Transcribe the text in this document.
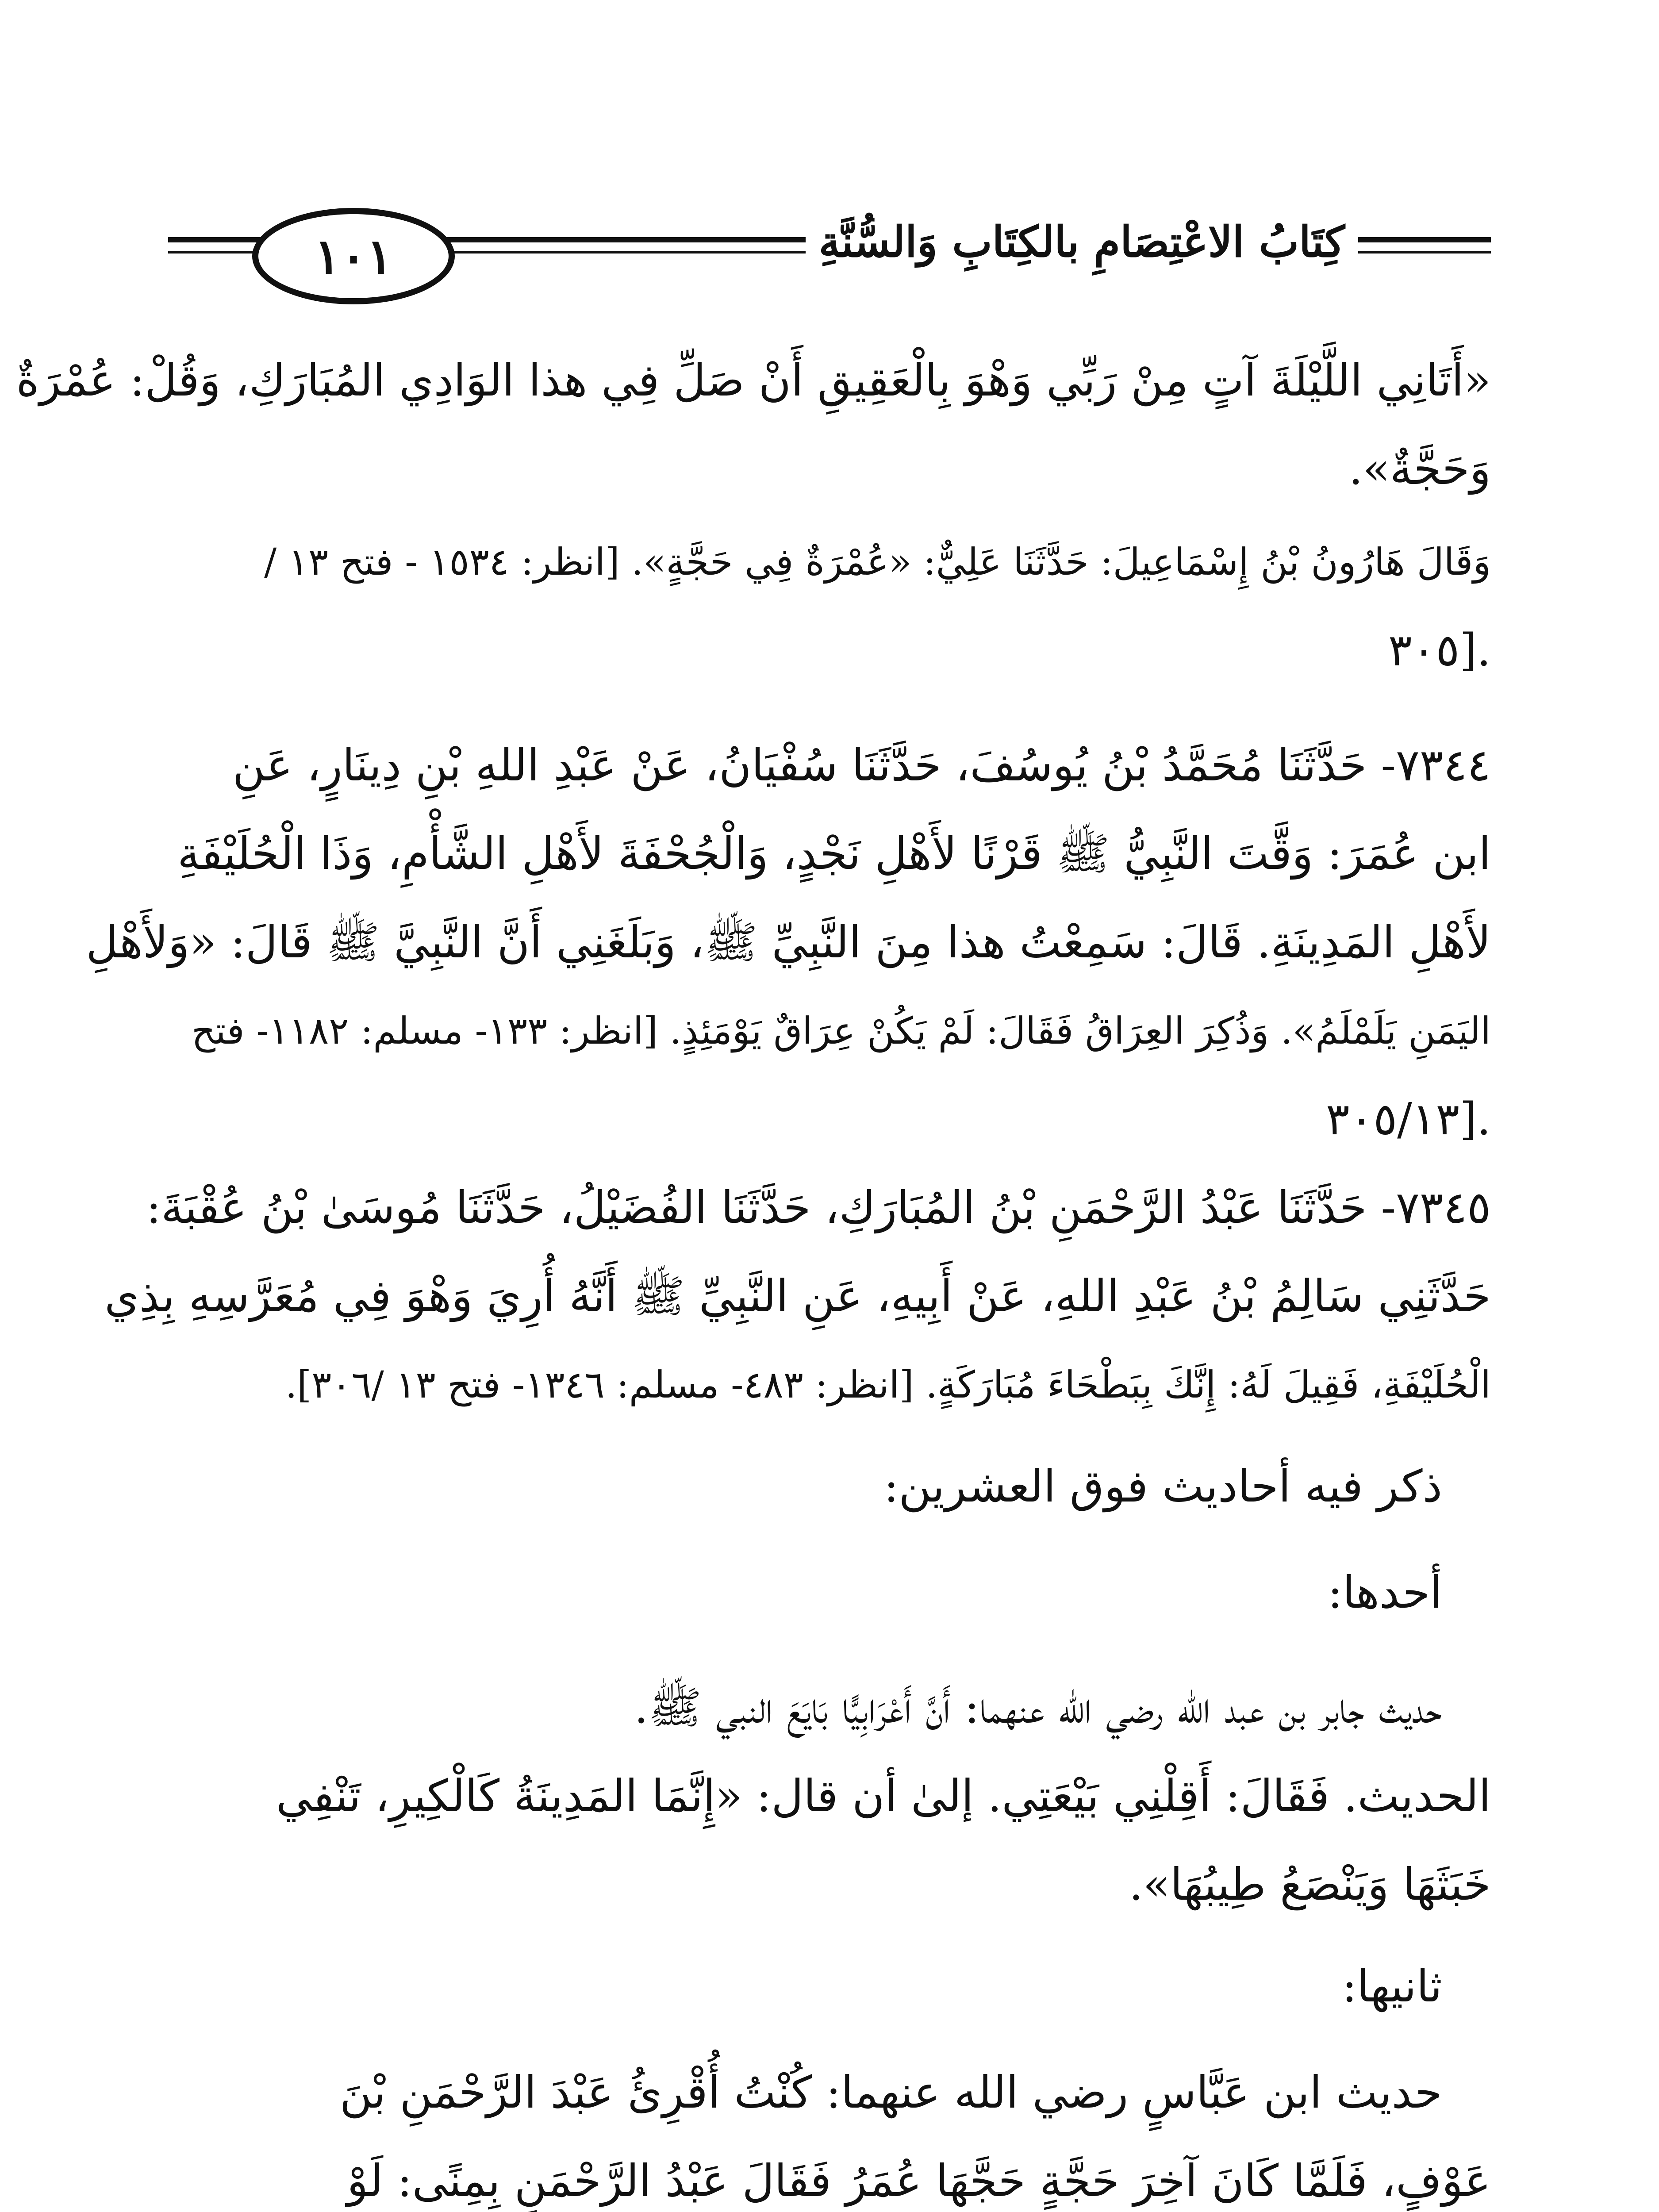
كِتَابُ الاعْتِصَامِ بالكِتَابِ وَالسُّنَّةِ
١٠١
«أَتَانِي اللَّيْلَةَ آتٍ مِنْ رَبِّي وَهْوَ بِالْعَقِيقِ أَنْ صَلِّ فِي هذا الوَادِي المُبَارَكِ، وَقُلْ: عُمْرَةٌ
وَحَجَّةٌ».
وَقَالَ هَارُونُ بْنُ إِسْمَاعِيلَ: حَدَّثَنَا عَلِيٌّ: «عُمْرَةٌ فِي حَجَّةٍ». [انظر: ١٥٣٤ - فتح ١٣ /
.[٣٠٥
٧٣٤٤- حَدَّثَنَا مُحَمَّدُ بْنُ يُوسُفَ، حَدَّثَنَا سُفْيَانُ، عَنْ عَبْدِ اللهِ بْنِ دِينَارٍ، عَنِ
ابن عُمَرَ: وَقَّتَ النَّبِيُّ ﷺ قَرْنًا لأَهْلِ نَجْدٍ، وَالْجُحْفَةَ لأَهْلِ الشَّأْمِ، وَذَا الْحُلَيْفَةِ
لأَهْلِ المَدِينَةِ. قَالَ: سَمِعْتُ هذا مِنَ النَّبِيِّ ﷺ، وَبَلَغَنِي أَنَّ النَّبِيَّ ﷺ قَالَ: «وَلأَهْلِ
اليَمَنِ يَلَمْلَمُ». وَذُكِرَ العِرَاقُ فَقَالَ: لَمْ يَكُنْ عِرَاقٌ يَوْمَئِذٍ. [انظر: ١٣٣- مسلم: ١١٨٢- فتح
.[٣٠٥/١٣
٧٣٤٥- حَدَّثَنَا عَبْدُ الرَّحْمَنِ بْنُ المُبَارَكِ، حَدَّثَنَا الفُضَيْلُ، حَدَّثَنَا مُوسَىٰ بْنُ عُقْبَةَ:
حَدَّثَنِي سَالِمُ بْنُ عَبْدِ اللهِ، عَنْ أَبِيهِ، عَنِ النَّبِيِّ ﷺ أَنَّهُ أُرِيَ وَهْوَ فِي مُعَرَّسِهِ بِذِي
الْحُلَيْفَةِ، فَقِيلَ لَهُ: إِنَّكَ بِبَطْحَاءَ مُبَارَكَةٍ. [انظر: ٤٨٣- مسلم: ١٣٤٦- فتح ١٣ /٣٠٦].
ذكر فيه أحاديث فوق العشرين:
أحدها:
حديث جابر بن عبد الله رضي الله عنهما: أَنَّ أَعْرَابِيًّا بَايَعَ النبي ﷺ.
الحديث. فَقَالَ: أَقِلْنِي بَيْعَتِي. إلىٰ أن قال: «إِنَّمَا المَدِينَةُ كَالْكِيرِ، تَنْفِي
خَبَثَهَا وَيَنْصَعُ طِيبُهَا».
ثانيها:
حديث ابن عَبَّاسٍ رضي الله عنهما: كُنْتُ أُقْرِئُ عَبْدَ الرَّحْمَنِ بْنَ
عَوْفٍ، فَلَمَّا كَانَ آخِرَ حَجَّةٍ حَجَّهَا عُمَرُ فَقَالَ عَبْدُ الرَّحْمَنِ بِمِنًى: لَوْ
